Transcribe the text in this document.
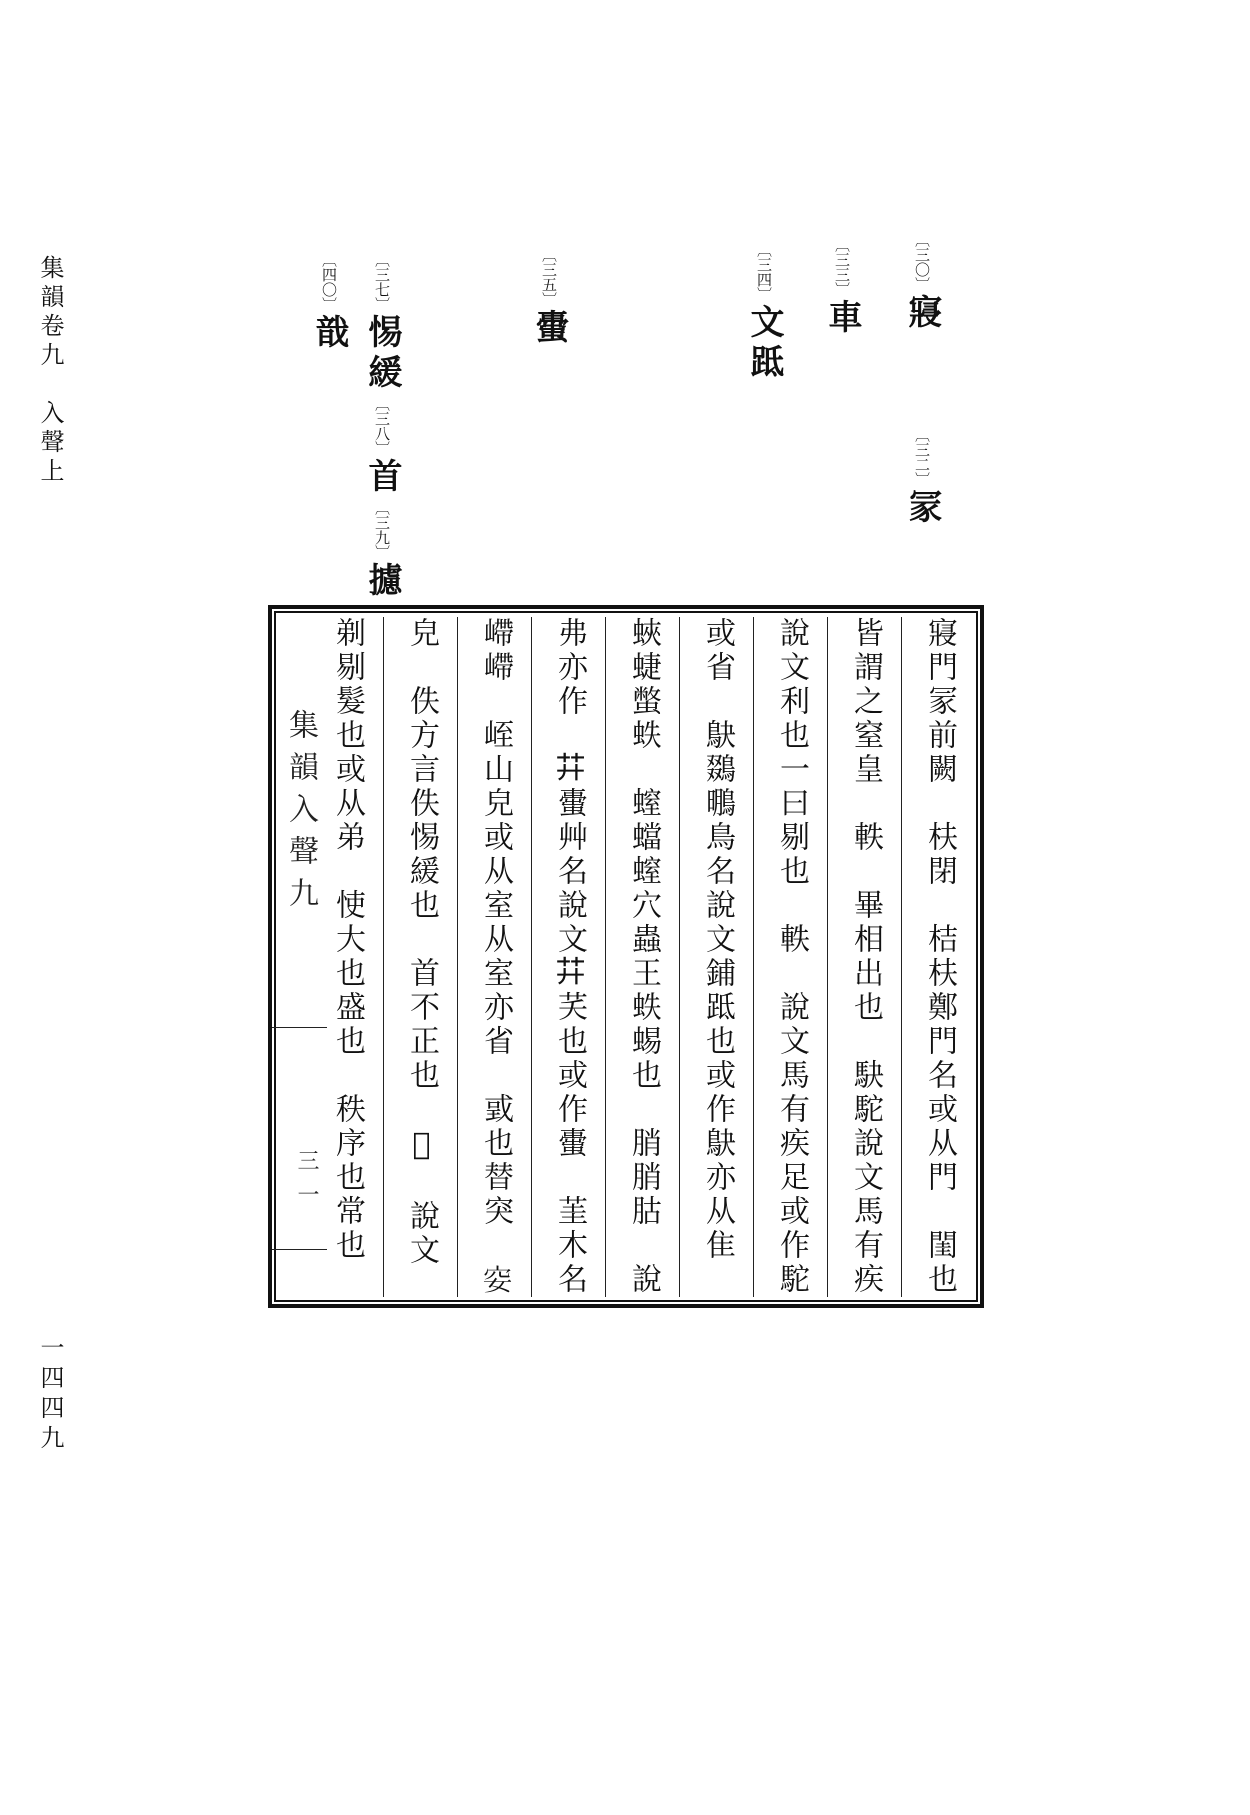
集韻卷九　入聲上
一四四九
〔三〇〕寢
〔三二〕冡
〔三三〕車
〔三四〕文䟡
〔三五〕蟗
〔三七〕惕緩〔三八〕首〔三九〕攄
〔四〇〕戠
集韻入聲九
三一
寢門冡前闕　枎閉　桔枎鄭門名或从門　閨也　　
皆謂之窒皇　軼　畢相出也　駃駝說文馬有疾　
說文利也一曰剔也　軼　說文馬有疾足或作駝
或省　鴃鵽䳟鳥名說文鋪䟡也或作鴃亦从隹　　　
蛺蜨蟞蛈　螲蟷螲穴蟲王蛈蜴也　䏴䏴𦙶　說
弗亦作　𦬇蟗艸名說文𦬇芺也或作蟗　茥木名　
嵽嵽　峌山皃或从室从室亦省　戜也替突　𥤨　　
皃　佚方言佚惕緩也　首不正也　𢬟　說文　　　　
剃剔髮也或从弟　㤦大也盛也　秩序也常也　　　
